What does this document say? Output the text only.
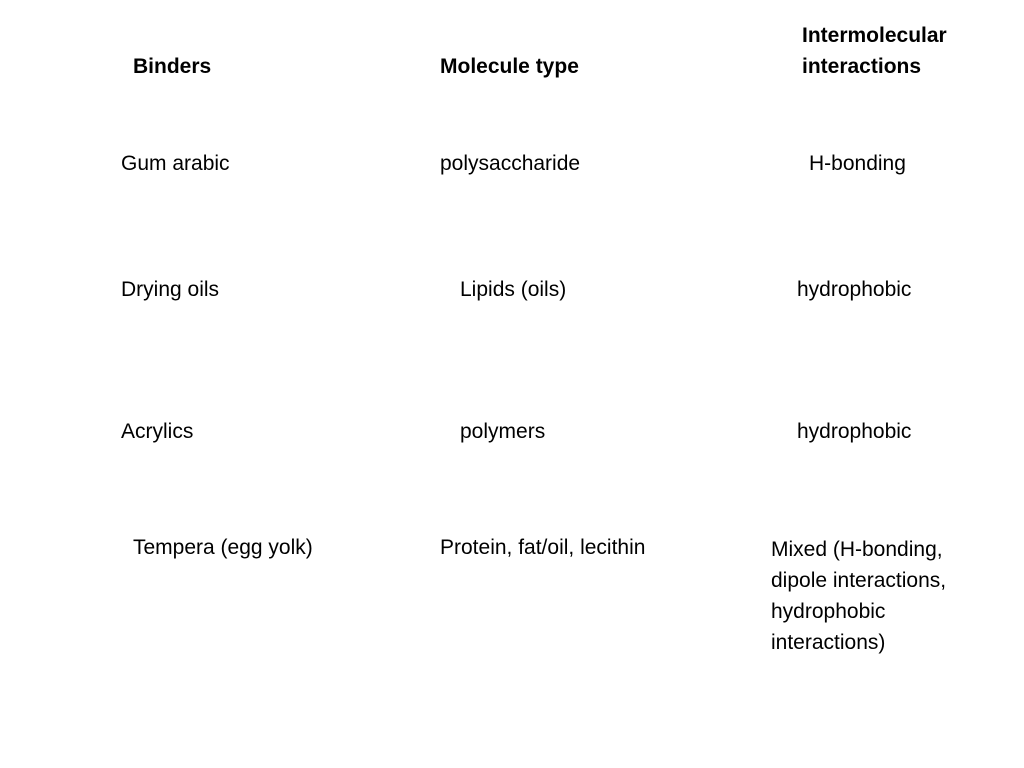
Binders	Molecule type
Intermolecular
interactions
Gum arabic	polysaccharide	H-bonding
Drying oils	Lipids (oils)	hydrophobic
Acrylics	polymers	hydrophobic
Tempera (egg yolk)	Protein, fat/oil, lecithin	Mixed (H-bonding,
dipole interactions,
hydrophobic
interactions)
